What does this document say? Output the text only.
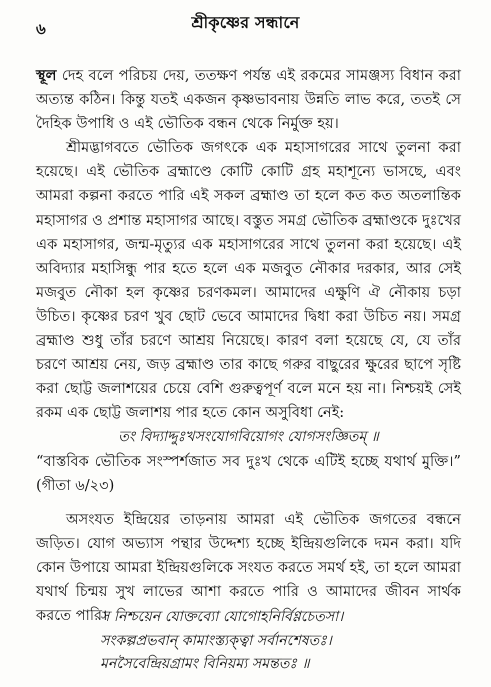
৬	শ্রীকৃষ্ণের সন্ধানে

স্থূল দেহ বলে পরিচয় দেয়, ততক্ষণ পর্যন্ত এই রকমের সামঞ্জস্য বিধান করা অত্যন্ত কঠিন। কিন্তু যতই একজন কৃষ্ণভাবনায় উন্নতি লাভ করে, ততই সে দৈহিক উপাধি ও এই ভৌতিক বন্ধন থেকে নির্মুক্ত হয়।

শ্রীমদ্ভাগবতে ভৌতিক জগৎকে এক মহাসাগরের সাথে তুলনা করা হয়েছে। এই ভৌতিক ব্রহ্মাণ্ডে কোটি কোটি গ্রহ মহাশূন্যে ভাসছে, এবং আমরা কল্পনা করতে পারি এই সকল ব্রহ্মাণ্ড তা হলে কত কত অতলান্তিক মহাসাগর ও প্রশান্ত মহাসাগর আছে। বস্তুত সমগ্র ভৌতিক ব্রহ্মাণ্ডকে দুঃখের এক মহাসাগর, জন্ম-মৃত্যুর এক মহাসাগরের সাথে তুলনা করা হয়েছে। এই অবিদ্যার মহাসিন্ধু পার হতে হলে এক মজবুত নৌকার দরকার, আর সেই মজবুত নৌকা হল কৃষ্ণের চরণকমল। আমাদের এক্ষুণি ঐ নৌকায় চড়া উচিত। কৃষ্ণের চরণ খুব ছোট ভেবে আমাদের দ্বিধা করা উচিত নয়। সমগ্র ব্রহ্মাণ্ড শুধু তাঁর চরণে আশ্রয় নিয়েছে। কারণ বলা হয়েছে যে, যে তাঁর চরণে আশ্রয় নেয়, জড় ব্রহ্মাণ্ড তার কাছে গরুর বাছুরের ক্ষুরের ছাপে সৃষ্টি করা ছোট্ট জলাশয়ের চেয়ে বেশি গুরুত্বপূর্ণ বলে মনে হয় না। নিশ্চয়ই সেই রকম এক ছোট্ট জলাশয় পার হতে কোন অসুবিধা নেই:

তং বিদ্যাদ্দুঃখসংযোগবিয়োগং যোগসংজ্ঞিতম্ ॥

“বাস্তবিক ভৌতিক সংস্পর্শজাত সব দুঃখ থেকে এটিই হচ্ছে যথার্থ মুক্তি।” (গীতা ৬/২৩)

অসংযত ইন্দ্রিয়ের তাড়নায় আমরা এই ভৌতিক জগতের বন্ধনে জড়িত। যোগ অভ্যাস পন্থার উদ্দেশ্য হচ্ছে ইন্দ্রিয়গুলিকে দমন করা। যদি কোন উপায়ে আমরা ইন্দ্রিয়গুলিকে সংযত করতে সমর্থ হই, তা হলে আমরা যথার্থ চিন্ময় সুখ লাভের আশা করতে পারি ও আমাদের জীবন সার্থক করতে পারি।

স নিশ্চয়েন যোক্তব্যো যোগোহনির্বিণ্ণচেতসা।

সংকল্পপ্রভবান্ কামাংস্ত্যক্ত্বা সর্বানশেষতঃ।

মনসৈবেন্দ্রিয়গ্রামং বিনিয়ম্য সমন্ততঃ ॥
